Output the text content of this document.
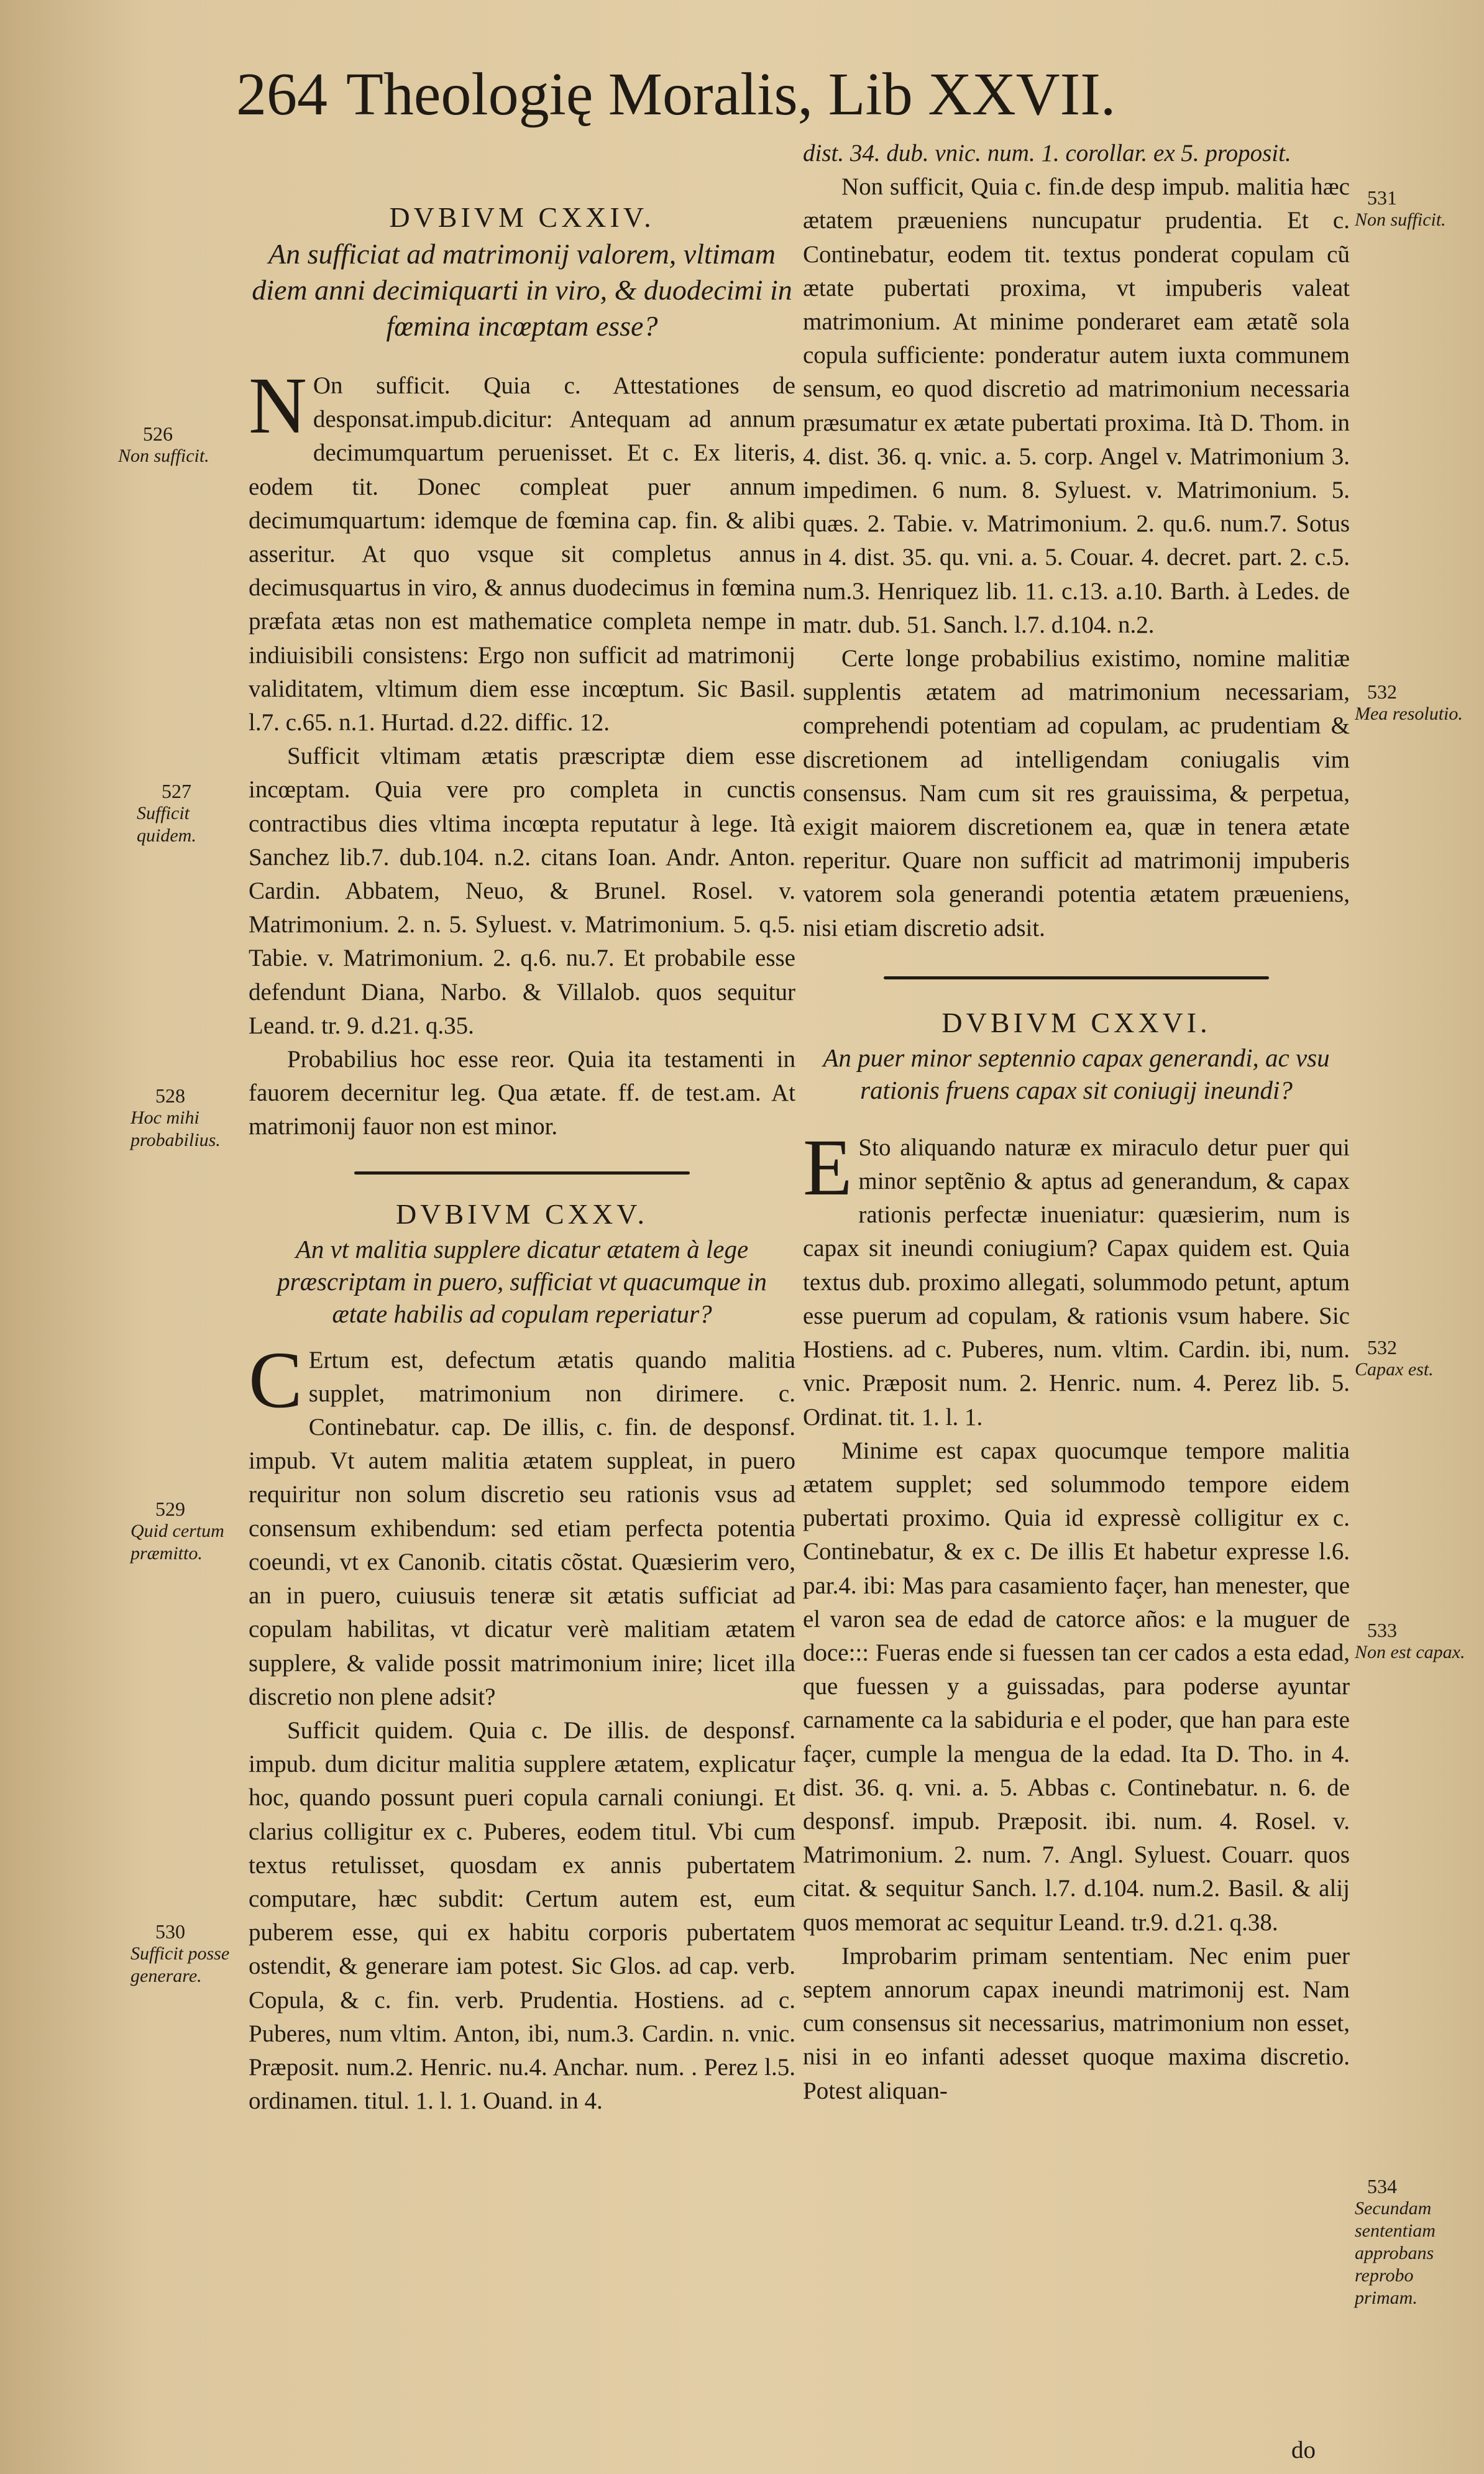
264 Theologię Moralis, Lib XXVII.

DVBIVM CXXIV.

An sufficiat ad matrimonij valorem, vltimam diem anni decimiquarti in viro, & duodecimi in fœmina incœptam esse?

N On sufficit. Quia c. Attestationes de desponsat.impub.dicitur: Antequam ad annum decimumquartum peruenisset. Et c. Ex literis, eodem tit. Donec compleat puer annum decimumquartum: idemque de fœmina cap. fin. & alibi asseritur. At quo vsque sit completus annus decimusquartus in viro, & annus duodecimus in fœmina præfata ætas non est mathematice completa nempe in indiuisibili consistens: Ergo non sufficit ad matrimonij validitatem, vltimum diem esse incœptum. Sic Basil. l.7. c.65. n.1. Hurtad. d.22. diffic. 12.

Sufficit vltimam ætatis præscriptæ diem esse incœptam. Quia vere pro completa in cunctis contractibus dies vltima incœpta reputatur à lege. Ità Sanchez lib.7. dub.104. n.2. citans Ioan. Andr. Anton. Cardin. Abbatem, Neuo, & Brunel. Rosel. v. Matrimonium. 2. n. 5. Syluest. v. Matrimonium. 5. q.5. Tabie. v. Matrimonium. 2. q.6. nu.7. Et probabile esse defendunt Diana, Narbo. & Villalob. quos sequitur Leand. tr. 9. d.21. q.35.

Probabilius hoc esse reor. Quia ita testamenti in fauorem decernitur leg. Qua ætate. ff. de test.am. At matrimonij fauor non est minor.

DVBIVM CXXV.

An vt malitia supplere dicatur ætatem à lege præscriptam in puero, sufficiat vt quacumque in ætate habilis ad copulam reperiatur?

C Ertum est, defectum ætatis quando malitia supplet, matrimonium non dirimere. c. Continebatur. cap. De illis, c. fin. de desponsf. impub. Vt autem malitia ætatem suppleat, in puero requiritur non solum discretio seu rationis vsus ad consensum exhibendum: sed etiam perfecta potentia coeundi, vt ex Canonib. citatis cõstat. Quæsierim vero, an in puero, cuiusuis teneræ sit ætatis sufficiat ad copulam habilitas, vt dicatur verè malitiam ætatem supplere, & valide possit matrimonium inire; licet illa discretio non plene adsit?

Sufficit quidem. Quia c. De illis. de desponsf. impub. dum dicitur malitia supplere ætatem, explicatur hoc, quando possunt pueri copula carnali coniungi. Et clarius colligitur ex c. Puberes, eodem titul. Vbi cum textus retulisset, quosdam ex annis pubertatem computare, hæc subdit: Certum autem est, eum puberem esse, qui ex habitu corporis pubertatem ostendit, & generare iam potest. Sic Glos. ad cap. verb. Copula, & c. fin. verb. Prudentia. Hostiens. ad c. Puberes, num vltim. Anton, ibi, num.3. Cardin. n. vnic. Præposit. num.2. Henric. nu.4. Anchar. num. . Perez l.5. ordinamen. titul. 1. l. 1. Ouand. in 4.

dist. 34. dub. vnic. num. 1. corollar. ex 5. proposit.

Non sufficit, Quia c. fin.de desp impub. malitia hæc ætatem præueniens nuncupatur prudentia. Et c. Continebatur, eodem tit. textus ponderat copulam cũ ætate pubertati proxima, vt impuberis valeat matrimonium. At minime ponderaret eam ætatẽ sola copula sufficiente: ponderatur autem iuxta communem sensum, eo quod discretio ad matrimonium necessaria præsumatur ex ætate pubertati proxima. Ità D. Thom. in 4. dist. 36. q. vnic. a. 5. corp. Angel v. Matrimonium 3. impedimen. 6 num. 8. Syluest. v. Matrimonium. 5. quæs. 2. Tabie. v. Matrimonium. 2. qu.6. num.7. Sotus in 4. dist. 35. qu. vni. a. 5. Couar. 4. decret. part. 2. c.5. num.3. Henriquez lib. 11. c.13. a.10. Barth. à Ledes. de matr. dub. 51. Sanch. l.7. d.104. n.2.

Certe longe probabilius existimo, nomine malitiæ supplentis ætatem ad matrimonium necessariam, comprehendi potentiam ad copulam, ac prudentiam & discretionem ad intelligendam coniugalis vim consensus. Nam cum sit res grauissima, & perpetua, exigit maiorem discretionem ea, quæ in tenera ætate reperitur. Quare non sufficit ad matrimonij impuberis vatorem sola generandi potentia ætatem præueniens, nisi etiam discretio adsit.

DVBIVM CXXVI.

An puer minor septennio capax generandi, ac vsu rationis fruens capax sit coniugij ineundi?

E Sto aliquando naturæ ex miraculo detur puer qui minor septẽnio & aptus ad generandum, & capax rationis perfectæ inueniatur: quæsierim, num is capax sit ineundi coniugium? Capax quidem est. Quia textus dub. proximo allegati, solummodo petunt, aptum esse puerum ad copulam, & rationis vsum habere. Sic Hostiens. ad c. Puberes, num. vltim. Cardin. ibi, num. vnic. Præposit num. 2. Henric. num. 4. Perez lib. 5. Ordinat. tit. 1. l. 1.

Minime est capax quocumque tempore malitia ætatem supplet; sed solummodo tempore eidem pubertati proximo. Quia id expressè colligitur ex c. Continebatur, & ex c. De illis Et habetur expresse l.6. par.4. ibi: Mas para casamiento façer, han menester, que el varon sea de edad de catorce años: e la muguer de doce::: Fueras ende si fuessen tan cer cados a esta edad, que fuessen y a guissadas, para poderse ayuntar carnamente ca la sabiduria e el poder, que han para este façer, cumple la mengua de la edad. Ita D. Tho. in 4. dist. 36. q. vni. a. 5. Abbas c. Continebatur. n. 6. de desponsf. impub. Præposit. ibi. num. 4. Rosel. v. Matrimonium. 2. num. 7. Angl. Syluest. Couarr. quos citat. & sequitur Sanch. l.7. d.104. num.2. Basil. & alij quos memorat ac sequitur Leand. tr.9. d.21. q.38.

Improbarim primam sententiam. Nec enim puer septem annorum capax ineundi matrimonij est. Nam cum consensus sit necessarius, matrimonium non esset, nisi in eo infanti adesset quoque maxima discretio. Potest aliquan-

do
526
Non sufficit.
527
Sufficit quidem.
528
Hoc mihi probabilius.
529
Quid certum præmitto.
530
Sufficit posse generare.
531
Non sufficit.
532
Mea resolutio.
532
Capax est.
533
Non est capax.
534
Secundam sententiam approbans reprobo primam.
